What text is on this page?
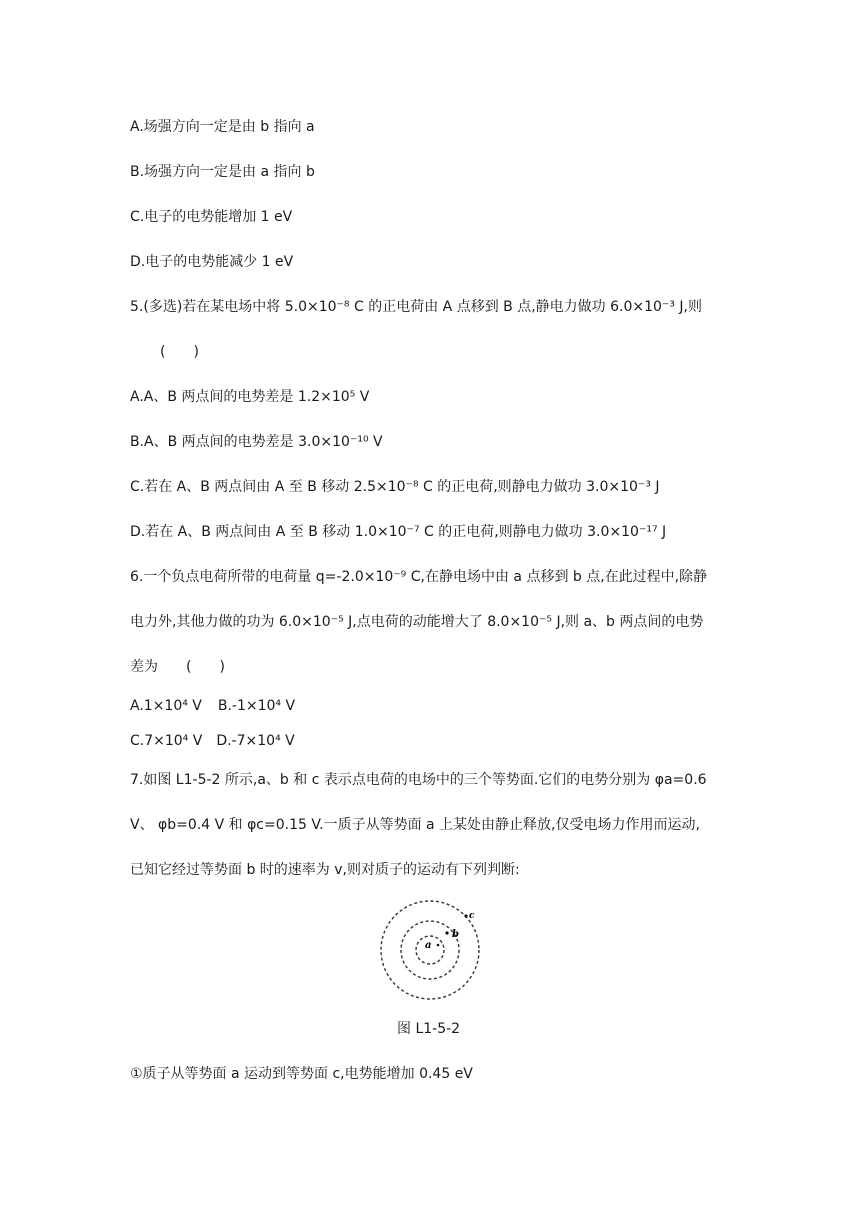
A.场强方向一定是由 b 指向 a
B.场强方向一定是由 a 指向 b
C.电子的电势能增加 1 eV
D.电子的电势能减少 1 eV
5.(多选)若在某电场中将 5.0×10⁻⁸ C 的正电荷由 A 点移到 B 点,静电力做功 6.0×10⁻³ J,则
(　　)
A.A、B 两点间的电势差是 1.2×10⁵ V
B.A、B 两点间的电势差是 3.0×10⁻¹⁰ V
C.若在 A、B 两点间由 A 至 B 移动 2.5×10⁻⁸ C 的正电荷,则静电力做功 3.0×10⁻³ J
D.若在 A、B 两点间由 A 至 B 移动 1.0×10⁻⁷ C 的正电荷,则静电力做功 3.0×10⁻¹⁷ J
6.一个负点电荷所带的电荷量 q=-2.0×10⁻⁹ C,在静电场中由 a 点移到 b 点,在此过程中,除静
电力外,其他力做的功为 6.0×10⁻⁵ J,点电荷的动能增大了 8.0×10⁻⁵ J,则 a、b 两点间的电势
差为　　(　　)
A.1×10⁴ V B.-1×10⁴ V
C.7×10⁴ V D.-7×10⁴ V
7.如图 L1-5-2 所示,a、b 和 c 表示点电荷的电场中的三个等势面.它们的电势分别为 φa=0.6
V、 φb=0.4 V 和 φc=0.15 V.一质子从等势面 a 上某处由静止释放,仅受电场力作用而运动,
已知它经过等势面 b 时的速率为 v,则对质子的运动有下列判断:
a
b
c
图 L1-5-2
①质子从等势面 a 运动到等势面 c,电势能增加 0.45 eV
